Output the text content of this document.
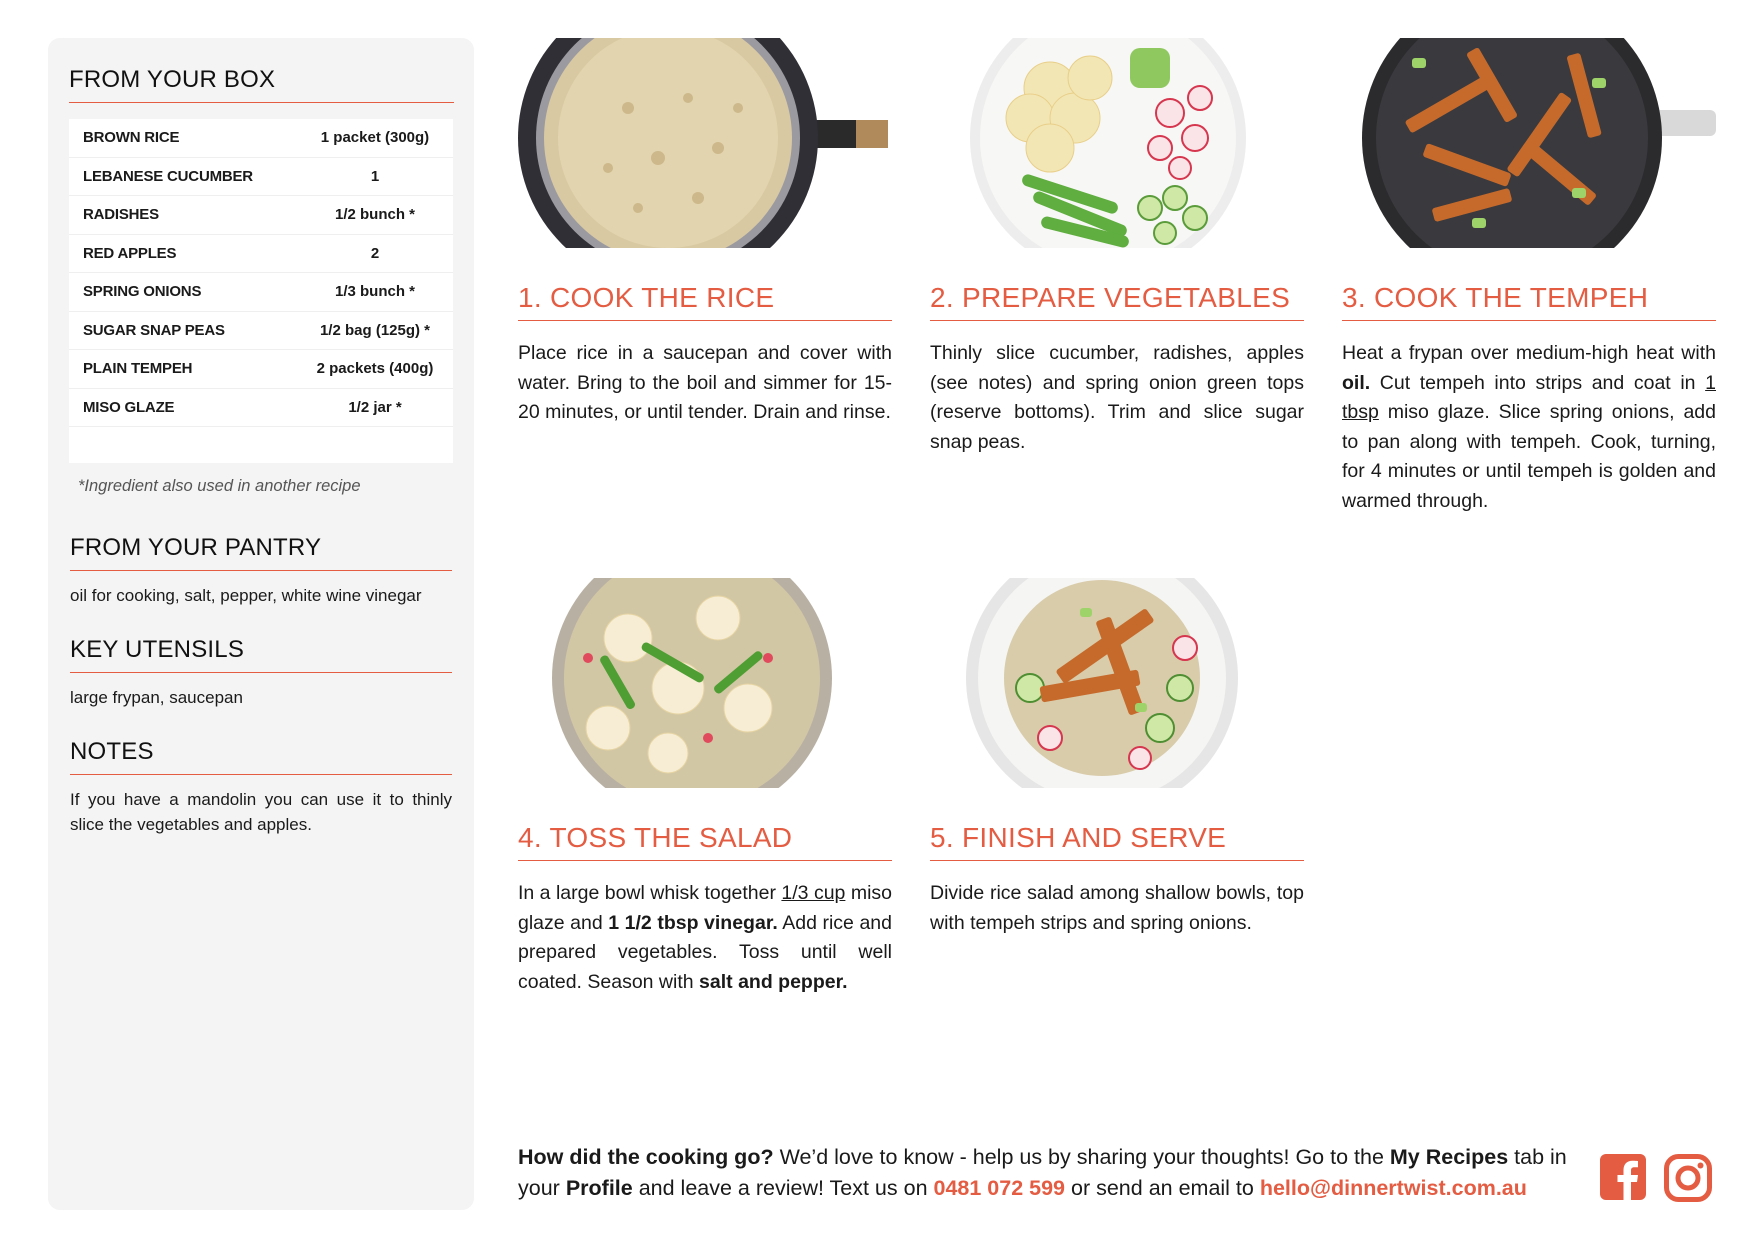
FROM YOUR BOX
BROWN RICE	1 packet (300g)
LEBANESE CUCUMBER	1
RADISHES	1/2 bunch *
RED APPLES	2
SPRING ONIONS	1/3 bunch *
SUGAR SNAP PEAS	1/2 bag (125g) *
PLAIN TEMPEH	2 packets (400g)
MISO GLAZE	1/2 jar *

*Ingredient also used in another recipe

FROM YOUR PANTRY

oil for cooking, salt, pepper, white wine vinegar

KEY UTENSILS

large frypan, saucepan

NOTES

If you have a mandolin you can use it to thinly slice the vegetables and apples.

1. COOK THE RICE

Place rice in a saucepan and cover with water. Bring to the boil and simmer for 15-20 minutes, or until tender. Drain and rinse.

2. PREPARE VEGETABLES

Thinly slice cucumber, radishes, apples (see notes) and spring onion green tops (reserve bottoms). Trim and slice sugar snap peas.

3. COOK THE TEMPEH

Heat a frypan over medium-high heat with oil. Cut tempeh into strips and coat in 1 tbsp miso glaze. Slice spring onions, add to pan along with tempeh. Cook, turning, for 4 minutes or until tempeh is golden and warmed through.

4. TOSS THE SALAD

In a large bowl whisk together 1/3 cup miso glaze and 1 1/2 tbsp vinegar. Add rice and prepared vegetables. Toss until well coated. Season with salt and pepper.

5. FINISH AND SERVE

Divide rice salad among shallow bowls, top with tempeh strips and spring onions.

How did the cooking go? We’d love to know - help us by sharing your thoughts! Go to the My Recipes tab in your Profile and leave a review! Text us on 0481 072 599 or send an email to hello@dinnertwist.com.au
